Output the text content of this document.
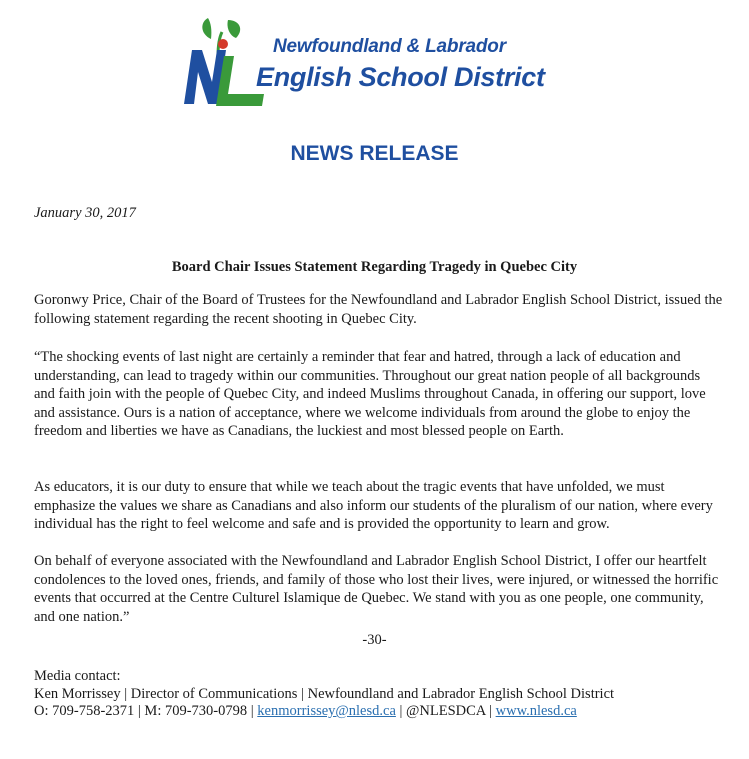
Newfoundland & Labrador
English School District
NEWS RELEASE
January 30, 2017
Board Chair Issues Statement Regarding Tragedy in Quebec City
Goronwy Price, Chair of the Board of Trustees for the Newfoundland and Labrador English School District, issued the following statement regarding the recent shooting in Quebec City.
“The shocking events of last night are certainly a reminder that fear and hatred, through a lack of education and understanding, can lead to tragedy within our communities. Throughout our great nation people of all backgrounds and faith join with the people of Quebec City, and indeed Muslims throughout Canada, in offering our support, love and assistance. Ours is a nation of acceptance, where we welcome individuals from around the globe to enjoy the freedom and liberties we have as Canadians, the luckiest and most blessed people on Earth.
As educators, it is our duty to ensure that while we teach about the tragic events that have unfolded, we must emphasize the values we share as Canadians and also inform our students of the pluralism of our nation, where every individual has the right to feel welcome and safe and is provided the opportunity to learn and grow.
On behalf of everyone associated with the Newfoundland and Labrador English School District, I offer our heartfelt condolences to the loved ones, friends, and family of those who lost their lives, were injured, or witnessed the horrific events that occurred at the Centre Culturel Islamique de Quebec. We stand with you as one people, one community, and one nation.”
-30-
Media contact:
Ken Morrissey | Director of Communications | Newfoundland and Labrador English School District
O: 709-758-2371 | M: 709-730-0798 | kenmorrissey@nlesd.ca | @NLESDCA | www.nlesd.ca
